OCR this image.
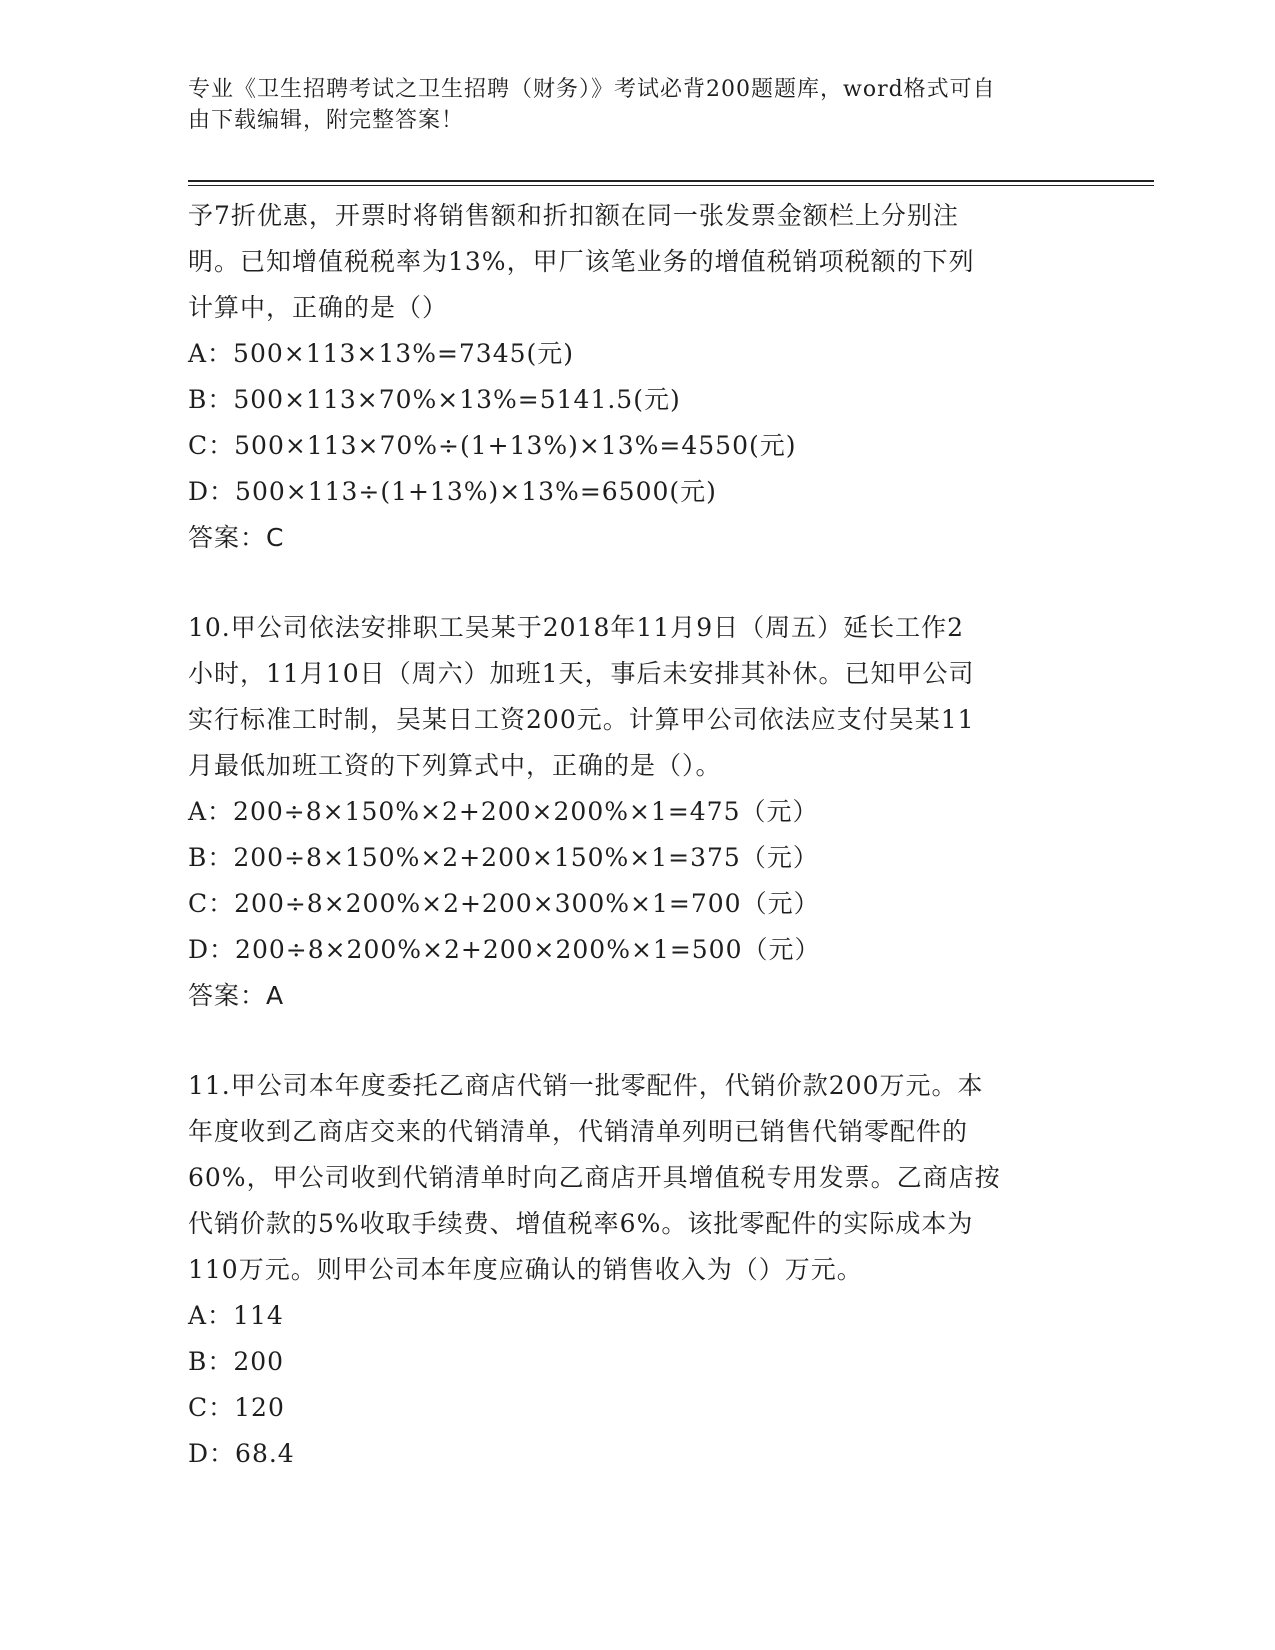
专业《卫生招聘考试之卫生招聘（财务）》考试必背200题题库，word格式可自
由下载编辑，附完整答案！
予7折优惠，开票时将销售额和折扣额在同一张发票金额栏上分别注
明。已知增值税税率为13%，甲厂该笔业务的增值税销项税额的下列
计算中，正确的是（）
A：500×113×13%=7345(元)
B：500×113×70%×13%=5141.5(元)
C：500×113×70%÷(1+13%)×13%=4550(元)
D：500×113÷(1+13%)×13%=6500(元)
答案：C
10.甲公司依法安排职工吴某于2018年11月9日（周五）延长工作2
小时，11月10日（周六）加班1天，事后未安排其补休。已知甲公司
实行标准工时制，吴某日工资200元。计算甲公司依法应支付吴某11
月最低加班工资的下列算式中，正确的是（）。
A：200÷8×150%×2+200×200%×1=475（元）
B：200÷8×150%×2+200×150%×1=375（元）
C：200÷8×200%×2+200×300%×1=700（元）
D：200÷8×200%×2+200×200%×1=500（元）
答案：A
11.甲公司本年度委托乙商店代销一批零配件，代销价款200万元。本
年度收到乙商店交来的代销清单，代销清单列明已销售代销零配件的
60%，甲公司收到代销清单时向乙商店开具增值税专用发票。乙商店按
代销价款的5%收取手续费、增值税率6%。该批零配件的实际成本为
110万元。则甲公司本年度应确认的销售收入为（）万元。
A：114
B：200
C：120
D：68.4
